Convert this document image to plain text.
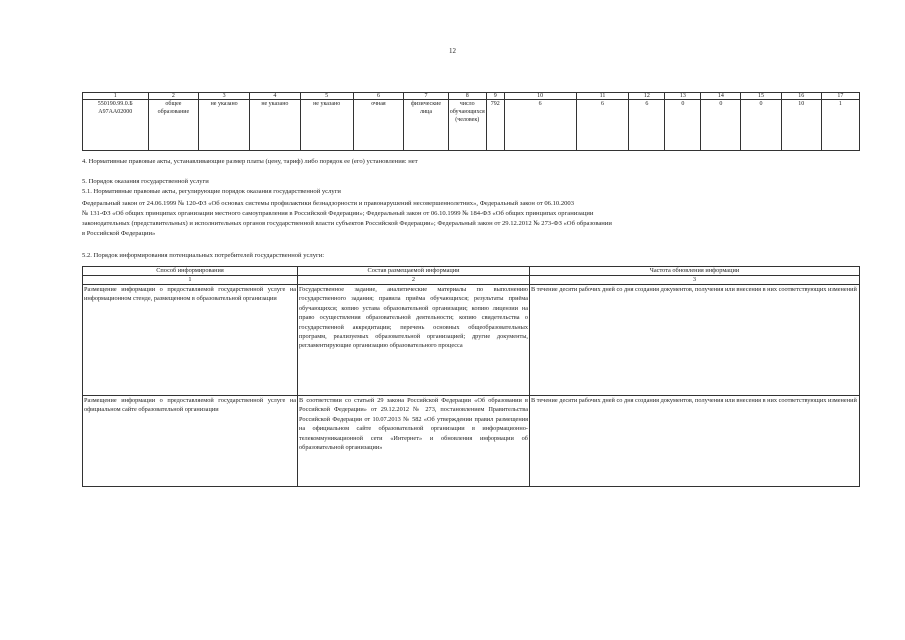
12
1	2	3	4	5	6	7	8	9	10	11	12	13	14	15	16	17
550190.99.0.Б А97АА02000	общее образование	не указано	не указано	не указано	очная	физические лица	число обучающихся (человек)	792	6	6	6	0	0	0	10	1
4. Нормативные правовые акты, устанавливающие размер платы (цену, тариф) либо порядок ее (его) установления: нет
5. Порядок оказания государственной услуги
5.1. Нормативные правовые акты, регулирующие порядок оказания государственной услуги
Федеральный закон от 24.06.1999 № 120-ФЗ «Об основах системы профилактики безнадзорности и правонарушений несовершеннолетних», Федеральный закон от 06.10.2003
№ 131-ФЗ «Об общих принципах организации местного самоуправления в Российской Федерации»; Федеральный закон от 06.10.1999 № 184-ФЗ «Об общих принципах организации
законодательных (представительных) и исполнительных органов государственной власти субъектов Российской Федерации»; Федеральный закон от 29.12.2012 № 273-ФЗ «Об образовании
в Российской Федерации»
5.2. Порядок информирования потенциальных потребителей государственной услуги:
Способ информирования	Состав размещаемой информации	Частота обновления информации
1	2	3
Размещение информации о предоставляемой государственной услуге на информационном стенде, размещенном в образовательной организации	Государственное задание, аналитические материалы по выполнению государственного задания; правила приёма обучающихся; результаты приёма обучающихся; копию устава образовательной организации; копию лицензии на право осуществления образовательной деятельности; копию свидетельства о государственной аккредитации; перечень основных общеобразовательных программ, реализуемых образовательной организацией; другие документы, регламентирующие организацию образовательного процесса	В течение десяти рабочих дней со дня создания документов, получения или внесения в них соответствующих изменений
Размещение информации о предоставляемой государственной услуге на официальном сайте образовательной организации	В соответствии со статьей 29 закона Российской Федерации «Об образовании в Российской Федерации» от 29.12.2012 № 273, постановлением Правительства Российской Федерации от 10.07.2013 № 582 «Об утверждении правил размещения на официальном сайте образовательной организации в информационно-телекоммуникационной сети «Интернет» и обновления информации об образовательной организации»	В течение десяти рабочих дней со дня создания документов, получения или внесения в них соответствующих изменений
